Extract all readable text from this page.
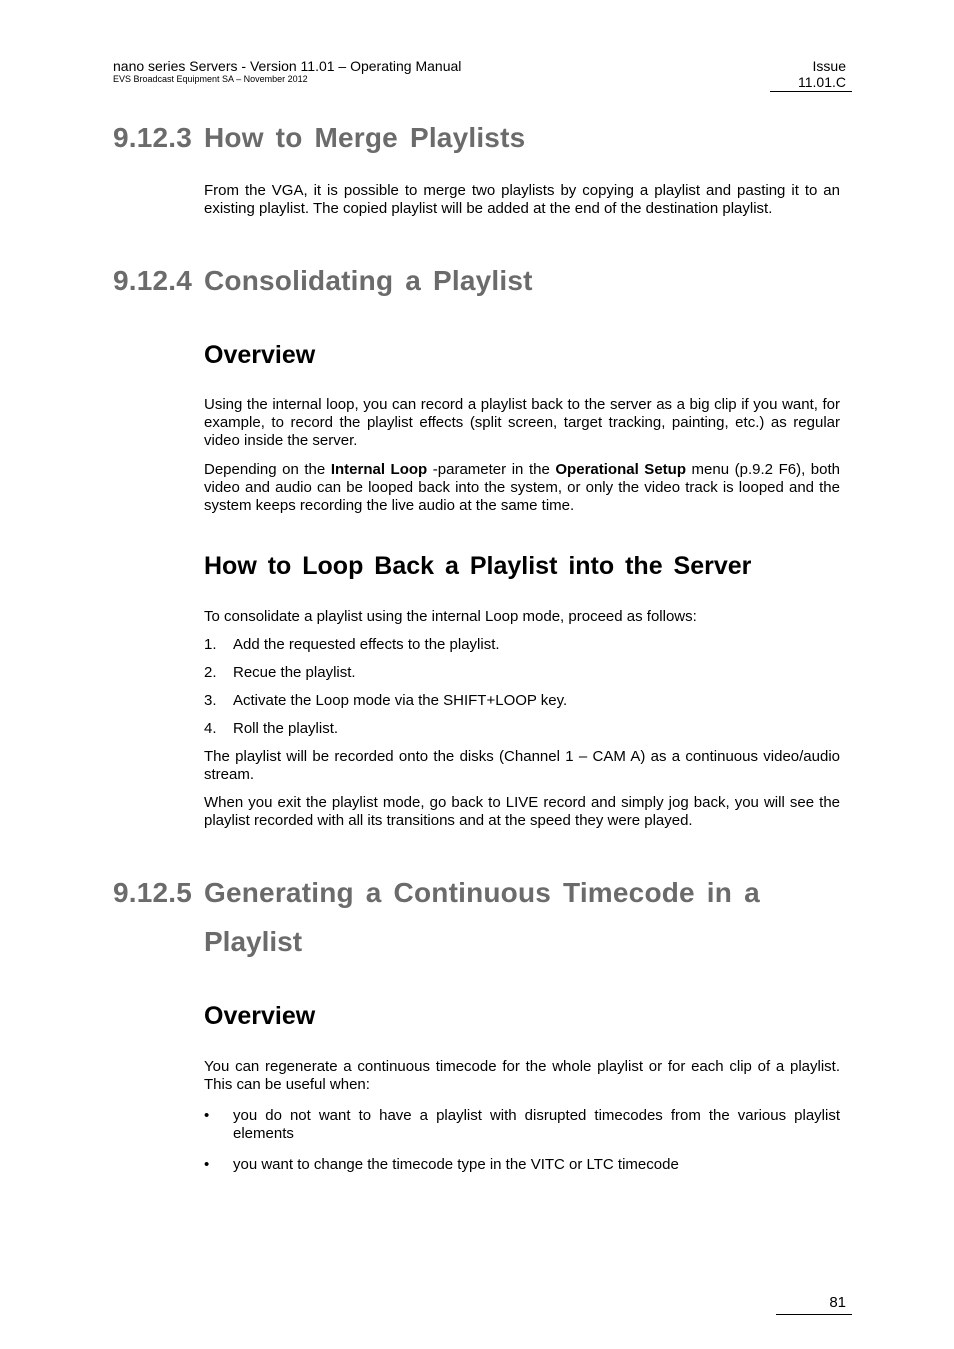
nano series Servers - Version 11.01 – Operating Manual
EVS Broadcast Equipment SA – November 2012
Issue
11.01.C
9.12.3 How to Merge Playlists
From the VGA, it is possible to merge two playlists by copying a playlist and pasting it to an existing playlist. The copied playlist will be added at the end of the destination playlist.
9.12.4 Consolidating a Playlist
Overview
Using the internal loop, you can record a playlist back to the server as a big clip if you want, for example, to record the playlist effects (split screen, target tracking, painting, etc.) as regular video inside the server.
Depending on the Internal Loop -parameter in the Operational Setup menu (p.9.2 F6), both video and audio can be looped back into the system, or only the video track is looped and the system keeps recording the live audio at the same time.
How to Loop Back a Playlist into the Server
To consolidate a playlist using the internal Loop mode, proceed as follows:
1. Add the requested effects to the playlist.
2. Recue the playlist.
3. Activate the Loop mode via the SHIFT+LOOP key.
4. Roll the playlist.
The playlist will be recorded onto the disks (Channel 1 – CAM A) as a continuous video/audio stream.
When you exit the playlist mode, go back to LIVE record and simply jog back, you will see the playlist recorded with all its transitions and at the speed they were played.
9.12.5 Generating a Continuous Timecode in a
Playlist
Overview
You can regenerate a continuous timecode for the whole playlist or for each clip of a playlist. This can be useful when:
• you do not want to have a playlist with disrupted timecodes from the various playlist elements
• you want to change the timecode type in the VITC or LTC timecode
81
